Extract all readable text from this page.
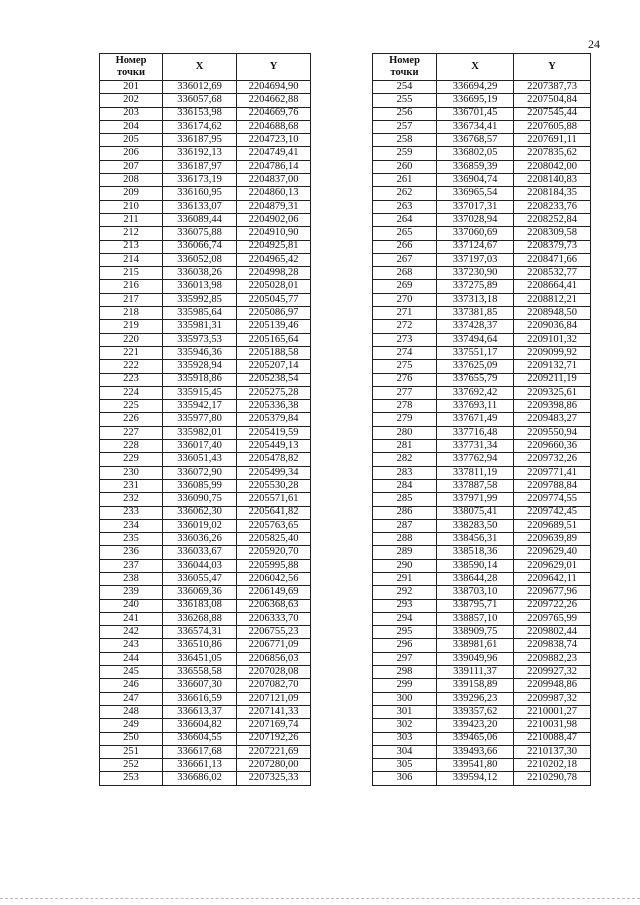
24
Номер точки	X	Y
201	336012,69	2204694,90
202	336057,68	2204662,88
203	336153,98	2204669,76
204	336174,62	2204688,68
205	336187,95	2204723,10
206	336192,13	2204749,41
207	336187,97	2204786,14
208	336173,19	2204837,00
209	336160,95	2204860,13
210	336133,07	2204879,31
211	336089,44	2204902,06
212	336075,88	2204910,90
213	336066,74	2204925,81
214	336052,08	2204965,42
215	336038,26	2204998,28
216	336013,98	2205028,01
217	335992,85	2205045,77
218	335985,64	2205086,97
219	335981,31	2205139,46
220	335973,53	2205165,64
221	335946,36	2205188,58
222	335928,94	2205207,14
223	335918,86	2205238,54
224	335915,45	2205275,28
225	335942,17	2205336,38
226	335977,80	2205379,84
227	335982,01	2205419,59
228	336017,40	2205449,13
229	336051,43	2205478,82
230	336072,90	2205499,34
231	336085,99	2205530,28
232	336090,75	2205571,61
233	336062,30	2205641,82
234	336019,02	2205763,65
235	336036,26	2205825,40
236	336033,67	2205920,70
237	336044,03	2205995,88
238	336055,47	2206042,56
239	336069,36	2206149,69
240	336183,08	2206368,63
241	336268,88	2206333,70
242	336574,31	2206755,23
243	336510,86	2206771,09
244	336451,05	2206856,03
245	336558,58	2207028,08
246	336607,30	2207082,70
247	336616,59	2207121,09
248	336613,37	2207141,33
249	336604,82	2207169,74
250	336604,55	2207192,26
251	336617,68	2207221,69
252	336661,13	2207280,00
253	336686,02	2207325,33
Номер точки	X	Y
254	336694,29	2207387,73
255	336695,19	2207504,84
256	336701,45	2207545,44
257	336734,41	2207605,88
258	336768,57	2207691,11
259	336802,05	2207835,62
260	336859,39	2208042,00
261	336904,74	2208140,83
262	336965,54	2208184,35
263	337017,31	2208233,76
264	337028,94	2208252,84
265	337060,69	2208309,58
266	337124,67	2208379,73
267	337197,03	2208471,66
268	337230,90	2208532,77
269	337275,89	2208664,41
270	337313,18	2208812,21
271	337381,85	2208948,50
272	337428,37	2209036,84
273	337494,64	2209101,32
274	337551,17	2209099,92
275	337625,09	2209132,71
276	337655,79	2209211,19
277	337692,42	2209325,61
278	337693,11	2209398,86
279	337671,49	2209483,27
280	337716,48	2209550,94
281	337731,34	2209660,36
282	337762,94	2209732,26
283	337811,19	2209771,41
284	337887,58	2209788,84
285	337971,99	2209774,55
286	338075,41	2209742,45
287	338283,50	2209689,51
288	338456,31	2209639,89
289	338518,36	2209629,40
290	338590,14	2209629,01
291	338644,28	2209642,11
292	338703,10	2209677,96
293	338795,71	2209722,26
294	338857,10	2209765,99
295	338909,75	2209802,44
296	338981,61	2209838,74
297	339049,96	2209882,23
298	339111,37	2209927,32
299	339158,89	2209948,86
300	339296,23	2209987,32
301	339357,62	2210001,27
302	339423,20	2210031,98
303	339465,06	2210088,47
304	339493,66	2210137,30
305	339541,80	2210202,18
306	339594,12	2210290,78
